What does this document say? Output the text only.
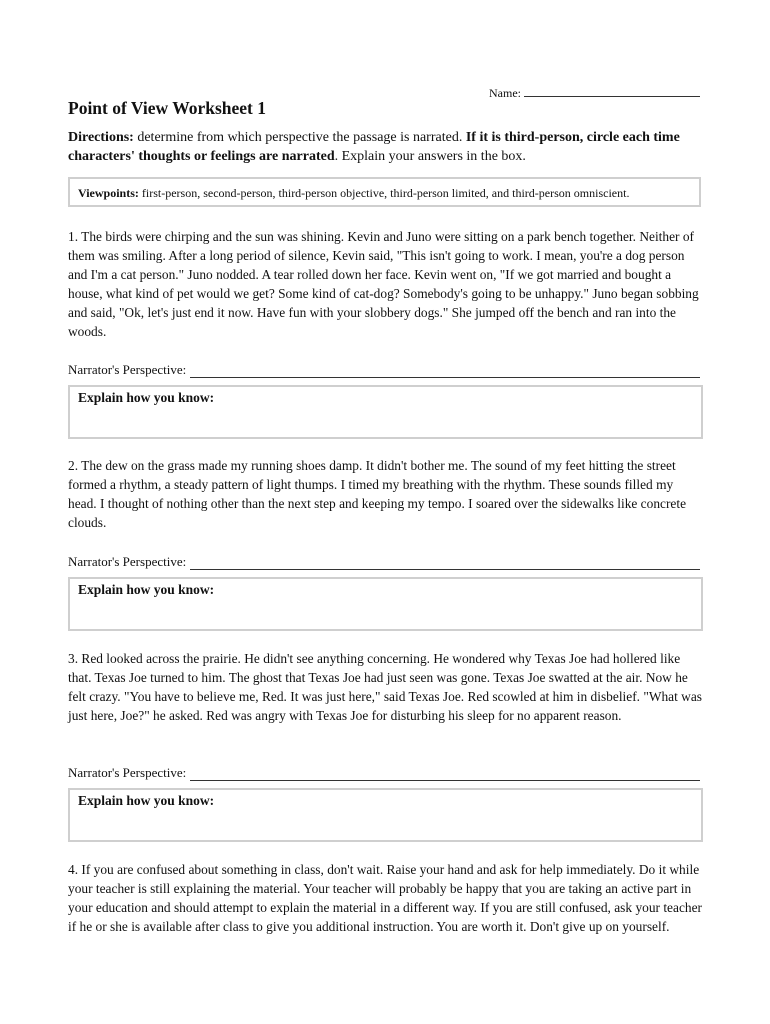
Name:
Point of View Worksheet 1
Directions: determine from which perspective the passage is narrated. If it is third-person, circle each time characters' thoughts or feelings are narrated. Explain your answers in the box.
Viewpoints: first-person, second-person, third-person objective, third-person limited, and third-person omniscient.
1. The birds were chirping and the sun was shining. Kevin and Juno were sitting on a park bench together. Neither of them was smiling. After a long period of silence, Kevin said, "This isn't going to work. I mean, you're a dog person and I'm a cat person." Juno nodded. A tear rolled down her face. Kevin went on, "If we got married and bought a house, what kind of pet would we get? Some kind of cat-dog? Somebody's going to be unhappy." Juno began sobbing and said, "Ok, let's just end it now. Have fun with your slobbery dogs." She jumped off the bench and ran into the woods.
Narrator's Perspective:
Explain how you know:
2. The dew on the grass made my running shoes damp. It didn't bother me. The sound of my feet hitting the street formed a rhythm, a steady pattern of light thumps. I timed my breathing with the rhythm. These sounds filled my head. I thought of nothing other than the next step and keeping my tempo. I soared over the sidewalks like concrete clouds.
Narrator's Perspective:
Explain how you know:
3. Red looked across the prairie. He didn't see anything concerning. He wondered why Texas Joe had hollered like that. Texas Joe turned to him. The ghost that Texas Joe had just seen was gone. Texas Joe swatted at the air. Now he felt crazy. "You have to believe me, Red. It was just here," said Texas Joe. Red scowled at him in disbelief. "What was just here, Joe?" he asked. Red was angry with Texas Joe for disturbing his sleep for no apparent reason.
Narrator's Perspective:
Explain how you know:
4. If you are confused about something in class, don't wait. Raise your hand and ask for help immediately. Do it while your teacher is still explaining the material. Your teacher will probably be happy that you are taking an active part in your education and should attempt to explain the material in a different way. If you are still confused, ask your teacher if he or she is available after class to give you additional instruction. You are worth it. Don't give up on yourself.
